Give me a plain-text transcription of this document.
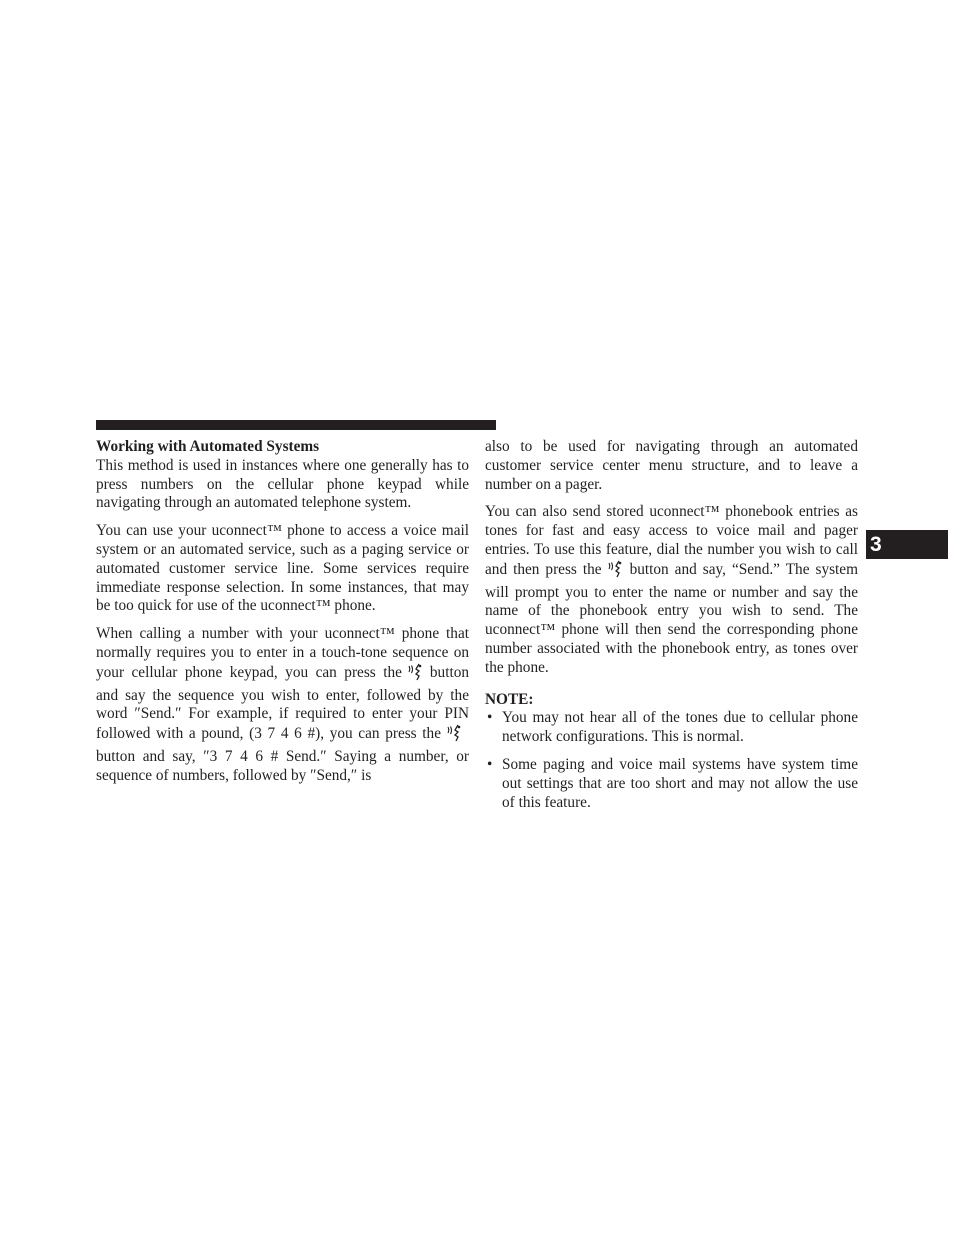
3
Working with Automated Systems

This method is used in instances where one generally has to press numbers on the cellular phone keypad while navigating through an automated telephone system.

You can use your uconnect™ phone to access a voice mail system or an automated service, such as a paging service or automated customer service line. Some services require immediate response selection. In some instances, that may be too quick for use of the uconnect™ phone.

When calling a number with your uconnect™ phone that normally requires you to enter in a touch-tone sequence on your cellular phone keypad, you can press the button and say the sequence you wish to enter, followed by the word ″Send.″ For example, if required to enter your PIN followed with a pound, (3 7 4 6 #), you can press thebutton and say, ″3 7 4 6 # Send.″ Saying a number, or sequence of numbers, followed by ″Send,″ is

also to be used for navigating through an automated customer service center menu structure, and to leave a number on a pager.

You can also send stored uconnect™ phonebook entries as tones for fast and easy access to voice mail and pager entries. To use this feature, dial the number you wish to call and then press the button and say, “Send.” The system will prompt you to enter the name or number and say the name of the phonebook entry you wish to send. The uconnect™ phone will then send the corresponding phone number associated with the phonebook entry, as tones over the phone.

NOTE:
• You may not hear all of the tones due to cellular phone network configurations. This is normal.
• Some paging and voice mail systems have system time out settings that are too short and may not allow the use of this feature.
